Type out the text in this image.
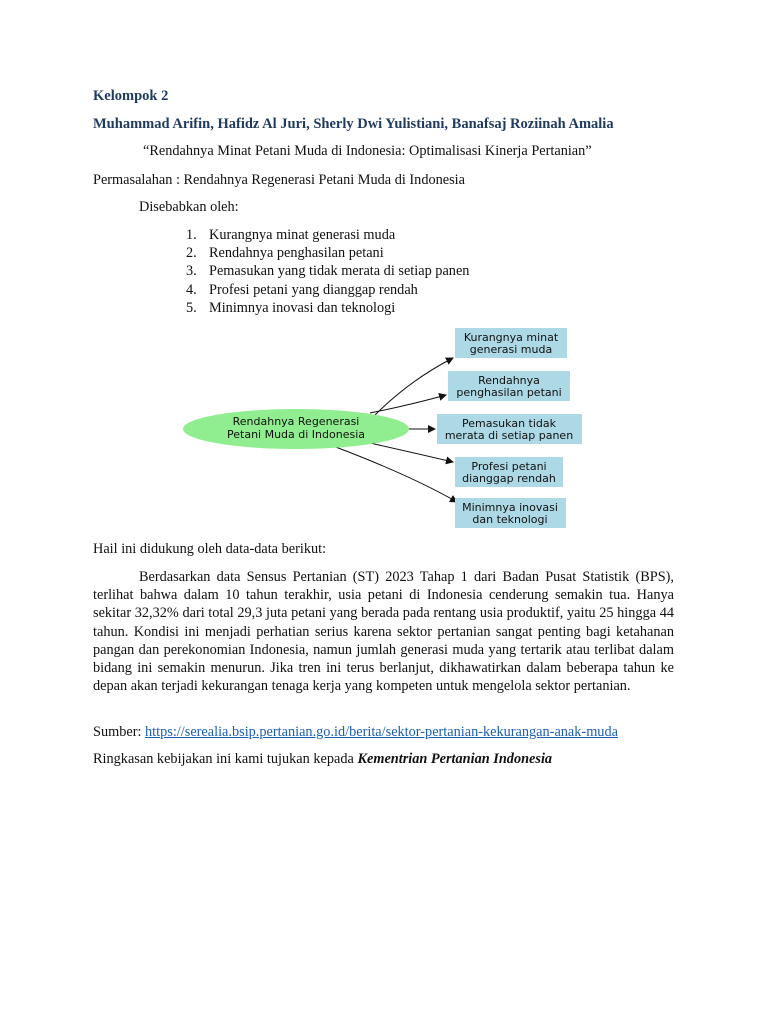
Kelompok 2
Muhammad Arifin, Hafidz Al Juri, Sherly Dwi Yulistiani, Banafsaj Roziinah Amalia
“Rendahnya Minat Petani Muda di Indonesia: Optimalisasi Kinerja Pertanian”
Permasalahan : Rendahnya Regenerasi Petani Muda di Indonesia
Disebabkan oleh:
1. Kurangnya minat generasi muda
2. Rendahnya penghasilan petani
3. Pemasukan yang tidak merata di setiap panen
4. Profesi petani yang dianggap rendah
5. Minimnya inovasi dan teknologi
Rendahnya Regenerasi
Petani Muda di Indonesia
Kurangnya minat
generasi muda
Rendahnya
penghasilan petani
Pemasukan tidak
merata di setiap panen
Profesi petani
dianggap rendah
Minimnya inovasi
dan teknologi
Hail ini didukung oleh data-data berikut:

Berdasarkan data Sensus Pertanian (ST) 2023 Tahap 1 dari Badan Pusat Statistik (BPS), terlihat bahwa dalam 10 tahun terakhir, usia petani di Indonesia cenderung semakin tua. Hanya sekitar 32,32% dari total 29,3 juta petani yang berada pada rentang usia produktif, yaitu 25 hingga 44 tahun. Kondisi ini menjadi perhatian serius karena sektor pertanian sangat penting bagi ketahanan pangan dan perekonomian Indonesia, namun jumlah generasi muda yang tertarik atau terlibat dalam bidang ini semakin menurun. Jika tren ini terus berlanjut, dikhawatirkan dalam beberapa tahun ke depan akan terjadi kekurangan tenaga kerja yang kompeten untuk mengelola sektor pertanian.

Sumber: https://serealia.bsip.pertanian.go.id/berita/sektor-pertanian-kekurangan-anak-muda
Ringkasan kebijakan ini kami tujukan kepada Kementrian Pertanian Indonesia
